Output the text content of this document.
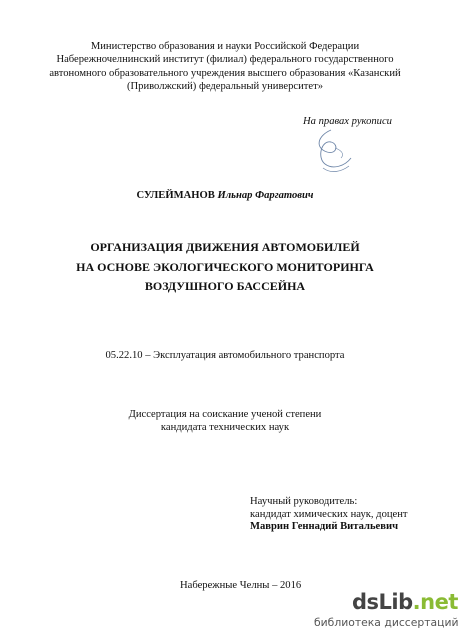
Министерство образования и науки Российской Федерации
Набережночелнинский институт (филиал) федерального государственного
автономного образовательного учреждения высшего образования «Казанский
(Приволжский) федеральный университет»
На правах рукописи
СУЛЕЙМАНОВ Ильнар Фаргатович
ОРГАНИЗАЦИЯ ДВИЖЕНИЯ АВТОМОБИЛЕЙ
НА ОСНОВЕ ЭКОЛОГИЧЕСКОГО МОНИТОРИНГА
ВОЗДУШНОГО БАССЕЙНА
05.22.10 – Эксплуатация автомобильного транспорта
Диссертация на соискание ученой степени
кандидата технических наук
Научный руководитель:
кандидат химических наук, доцент
Маврин Геннадий Витальевич
Набережные Челны – 2016
dsLib.net
библиотека диссертаций
